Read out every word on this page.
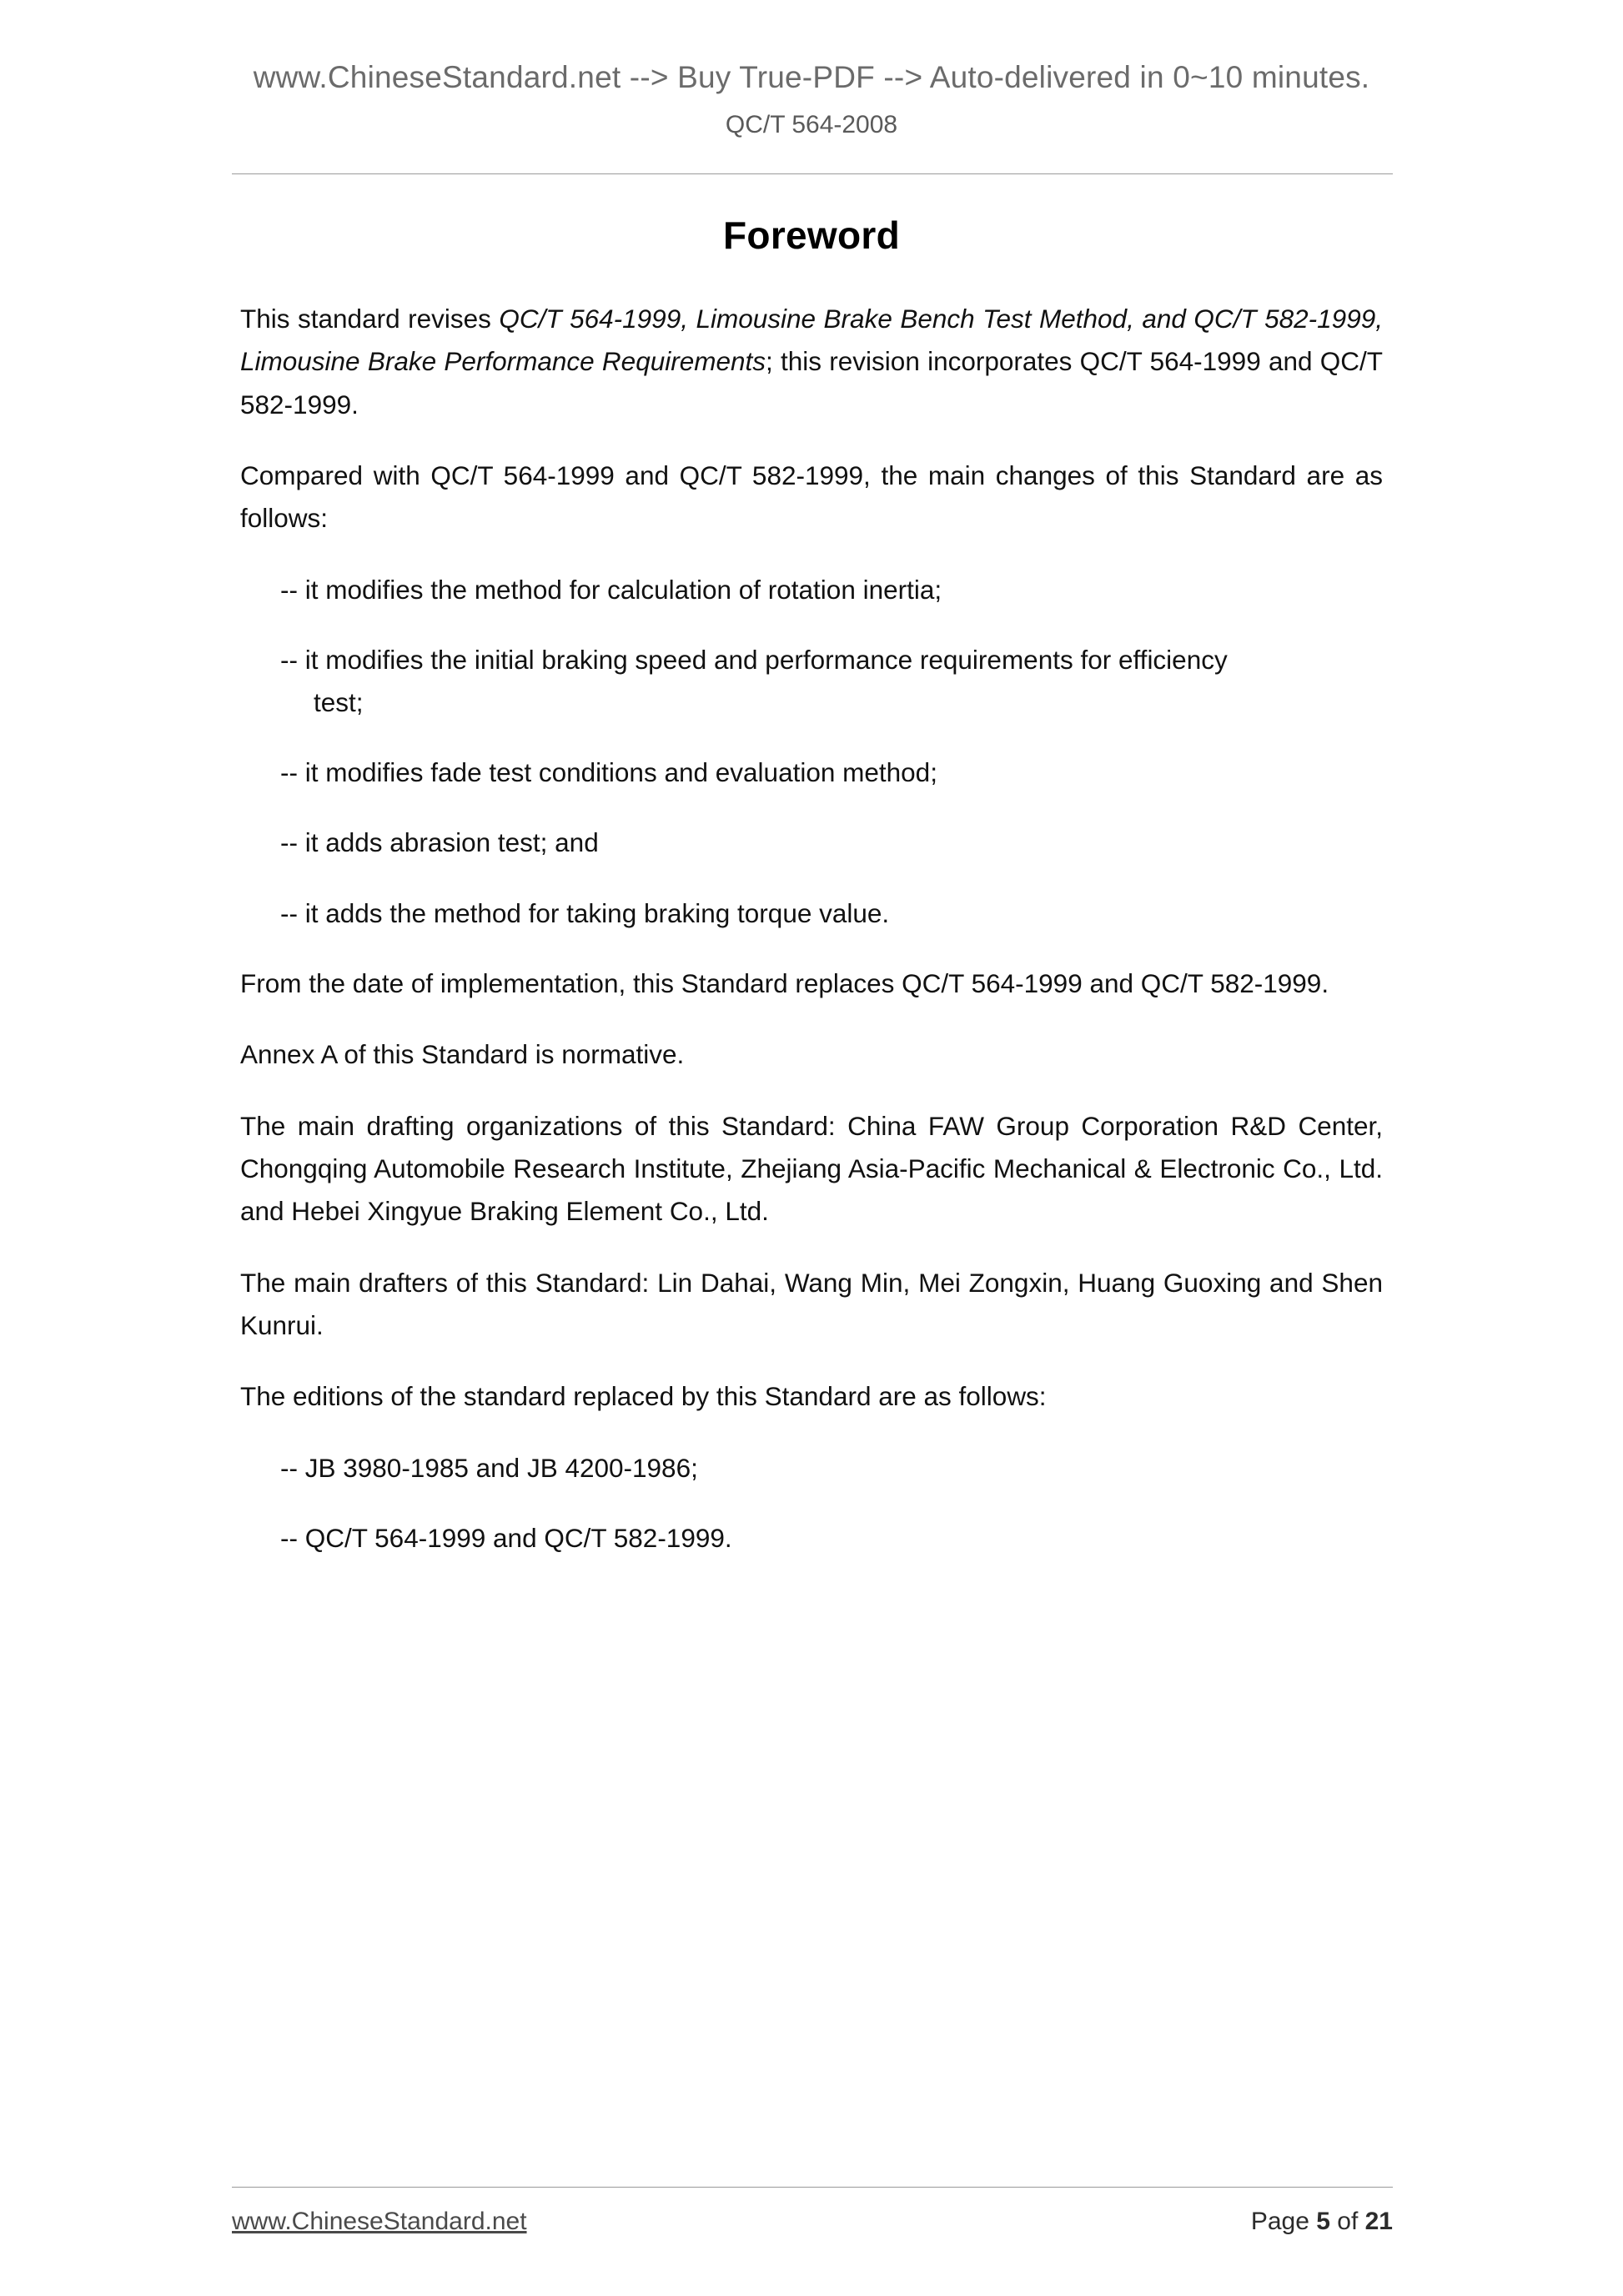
www.ChineseStandard.net --> Buy True-PDF --> Auto-delivered in 0~10 minutes.
QC/T 564-2008
Foreword

This standard revises QC/T 564-1999, Limousine Brake Bench Test Method, and QC/T 582-1999, Limousine Brake Performance Requirements; this revision incorporates QC/T 564-1999 and QC/T 582-1999.

Compared with QC/T 564-1999 and QC/T 582-1999, the main changes of this Standard are as follows:

-- it modifies the method for calculation of rotation inertia;
-- it modifies the initial braking speed and performance requirements for efficiency
test;
-- it modifies fade test conditions and evaluation method;
-- it adds abrasion test; and
-- it adds the method for taking braking torque value.

From the date of implementation, this Standard replaces QC/T 564-1999 and QC/T 582-1999.

Annex A of this Standard is normative.

The main drafting organizations of this Standard: China FAW Group Corporation R&D Center, Chongqing Automobile Research Institute, Zhejiang Asia-Pacific Mechanical & Electronic Co., Ltd. and Hebei Xingyue Braking Element Co., Ltd.

The main drafters of this Standard: Lin Dahai, Wang Min, Mei Zongxin, Huang Guoxing and Shen Kunrui.

The editions of the standard replaced by this Standard are as follows:

-- JB 3980-1985 and JB 4200-1986;
-- QC/T 564-1999 and QC/T 582-1999.
www.ChineseStandard.net	Page 5 of 21
